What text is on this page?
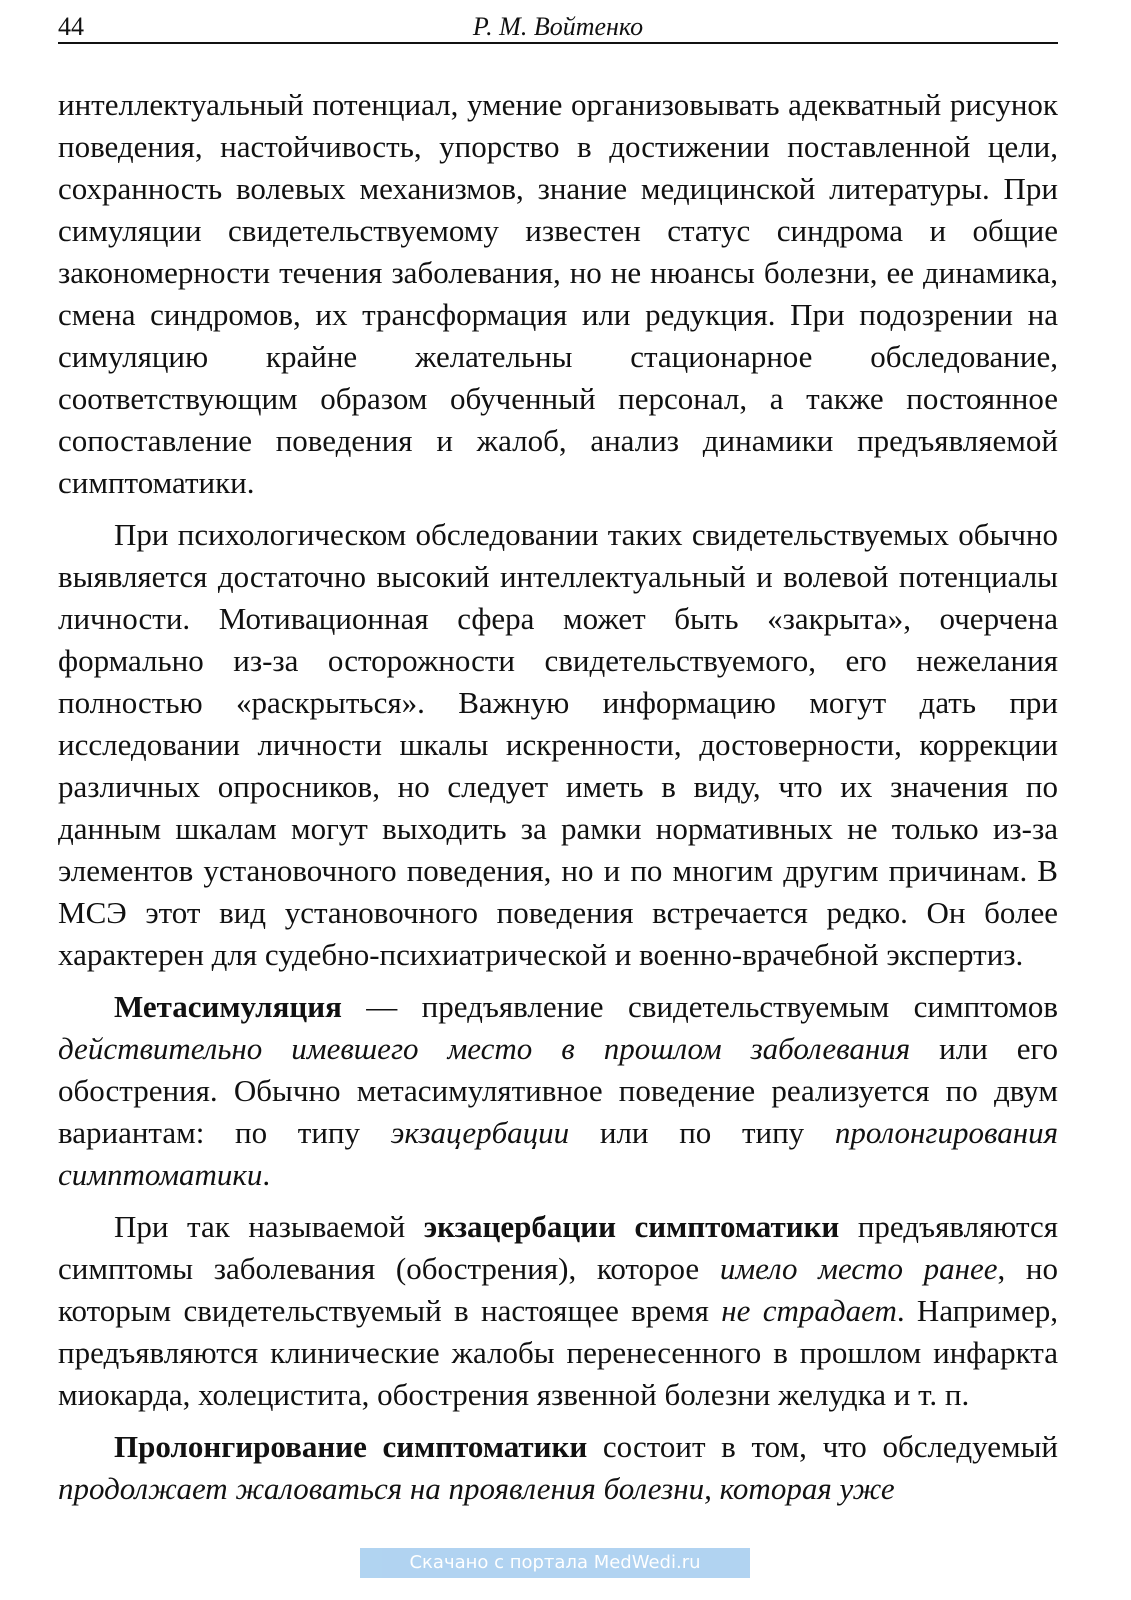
44	Р. М. Войтенко

интеллектуальный потенциал, умение организовывать адекватный рисунок поведения, настойчивость, упорство в достижении поставленной цели, сохранность волевых механизмов, знание медицинской литературы. При симуляции свидетельствуемому известен статус синдрома и общие закономерности течения заболевания, но не нюансы болезни, ее динамика, смена синдромов, их трансформация или редукция. При подозрении на симуляцию крайне желательны стационарное обследование, соответствующим образом обученный персонал, а также постоянное сопоставление поведения и жалоб, анализ динамики предъявляемой симптоматики.

При психологическом обследовании таких свидетельствуемых обычно выявляется достаточно высокий интеллектуальный и волевой потенциалы личности. Мотивационная сфера может быть «закрыта», очерчена формально из-за осторожности свидетельствуемого, его нежелания полностью «раскрыться». Важную информацию могут дать при исследовании личности шкалы искренности, достоверности, коррекции различных опросников, но следует иметь в виду, что их значения по данным шкалам могут выходить за рамки нормативных не только из-за элементов установочного поведения, но и по многим другим причинам. В МСЭ этот вид установочного поведения встречается редко. Он более характерен для судебно-психиатрической и военно-врачебной экспертиз.

Метасимуляция — предъявление свидетельствуемым симптомов действительно имевшего место в прошлом заболевания или его обострения. Обычно метасимулятивное поведение реализуется по двум вариантам: по типу экзацербации или по типу пролонгирования симптоматики.

При так называемой экзацербации симптоматики предъявляются симптомы заболевания (обострения), которое имело место ранее, но которым свидетельствуемый в настоящее время не страдает. Например, предъявляются клинические жалобы перенесенного в прошлом инфаркта миокарда, холецистита, обострения язвенной болезни желудка и т. п.

Пролонгирование симптоматики состоит в том, что обследуемый продолжает жаловаться на проявления болезни, которая уже

Скачано с портала MedWedi.ru
